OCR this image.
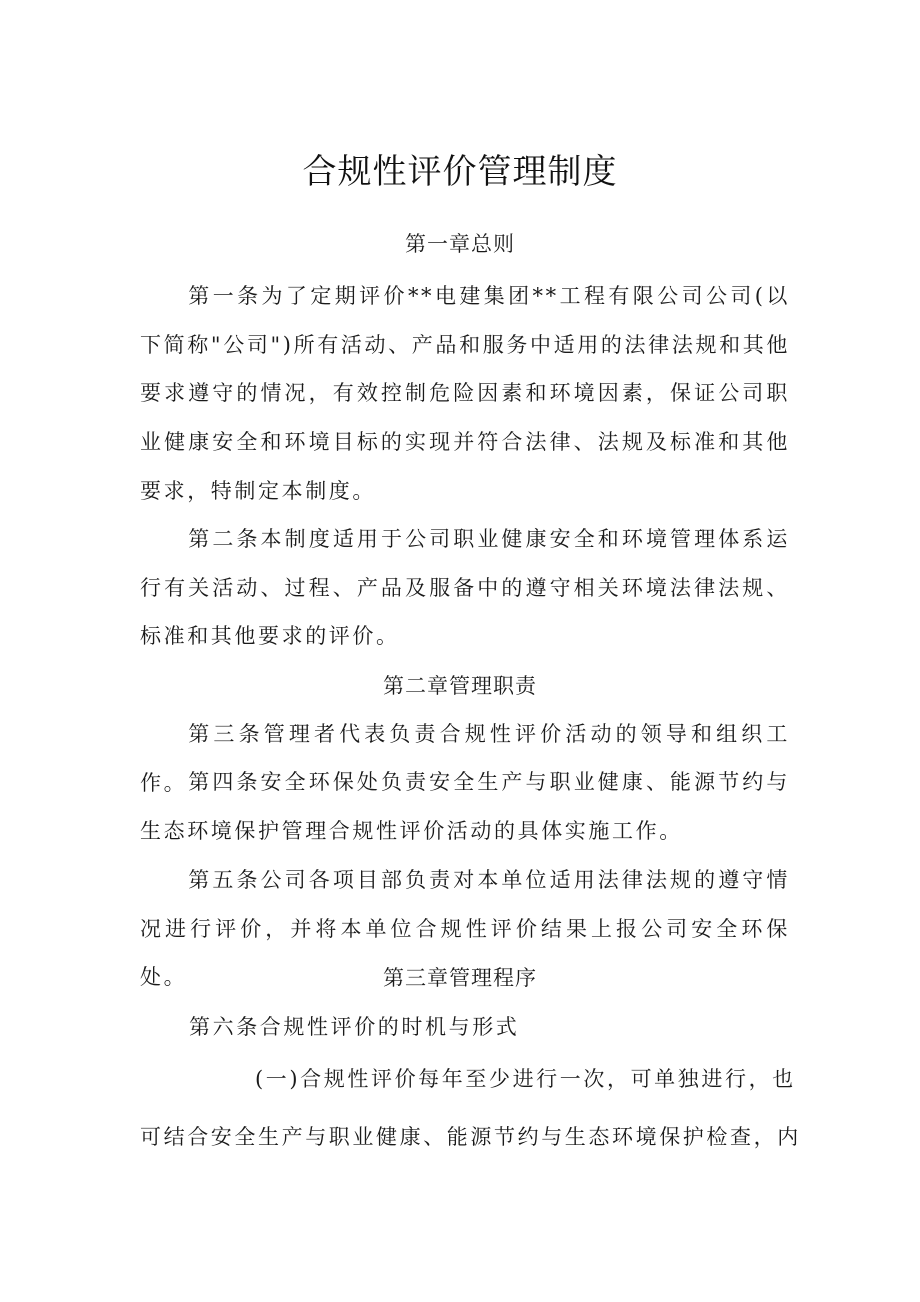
合规性评价管理制度
第一章总则
第一条为了定期评价**电建集团**工程有限公司公司(以下简称"公司")所有活动、产品和服务中适用的法律法规和其他要求遵守的情况，有效控制危险因素和环境因素，保证公司职业健康安全和环境目标的实现并符合法律、法规及标准和其他要求，特制定本制度。
第二条本制度适用于公司职业健康安全和环境管理体系运行有关活动、过程、产品及服备中的遵守相关环境法律法规、标准和其他要求的评价。
第二章管理职责
第三条管理者代表负责合规性评价活动的领导和组织工作。 第四条安全环保处负责安全生产与职业健康、能源节约与生态环境保护管理合规性评价活动的具体实施工作。
第五条公司各项目部负责对本单位适用法律法规的遵守情况进行评价，并将本单位合规性评价结果上报公司安全环保处。	第三章管理程序
第六条合规性评价的时机与形式
(一)合规性评价每年至少进行一次，可单独进行，也
可结合安全生产与职业健康、能源节约与生态环境保护检查，内
